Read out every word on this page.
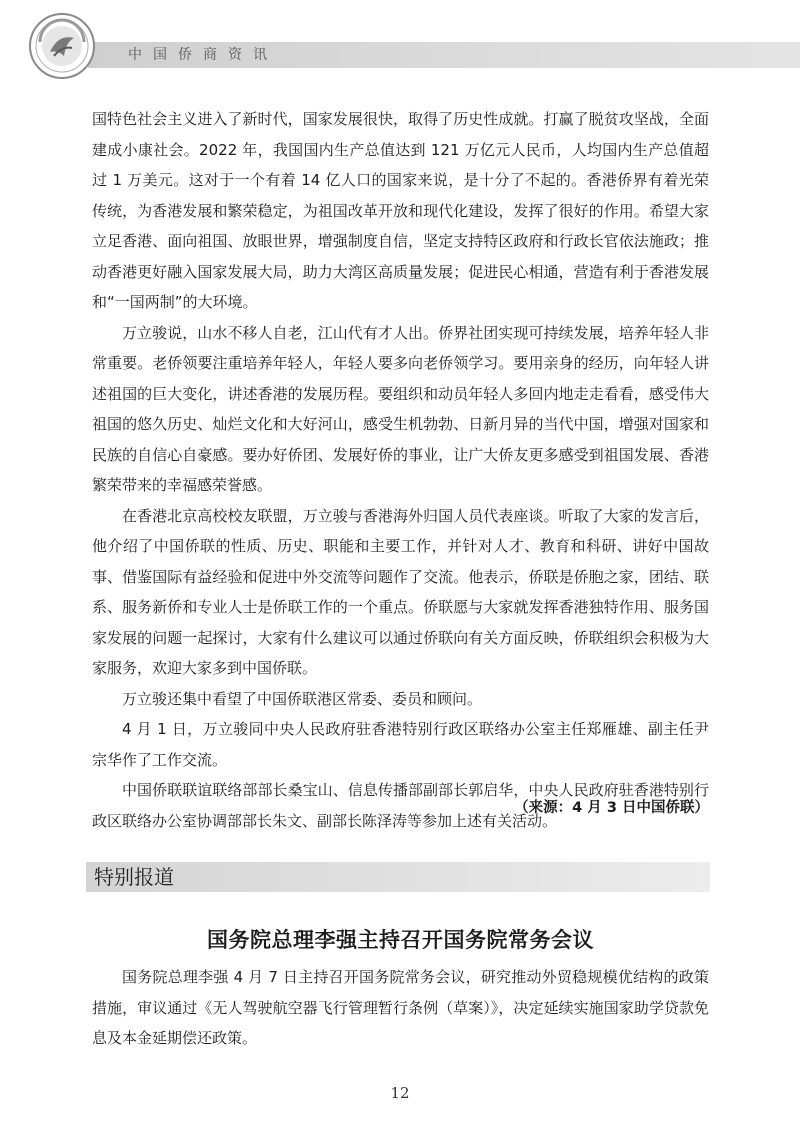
中国侨商资讯

国特色社会主义进入了新时代，国家发展很快，取得了历史性成就。打赢了脱贫攻坚战，全面建成小康社会。2022 年，我国国内生产总值达到 121 万亿元人民币，人均国内生产总值超过 1 万美元。这对于一个有着 14 亿人口的国家来说，是十分了不起的。香港侨界有着光荣传统，为香港发展和繁荣稳定，为祖国改革开放和现代化建设，发挥了很好的作用。希望大家立足香港、面向祖国、放眼世界，增强制度自信，坚定支持特区政府和行政长官依法施政；推动香港更好融入国家发展大局，助力大湾区高质量发展；促进民心相通，营造有利于香港发展和“一国两制”的大环境。

万立骏说，山水不移人自老，江山代有才人出。侨界社团实现可持续发展，培养年轻人非常重要。老侨领要注重培养年轻人，年轻人要多向老侨领学习。要用亲身的经历，向年轻人讲述祖国的巨大变化，讲述香港的发展历程。要组织和动员年轻人多回内地走走看看，感受伟大祖国的悠久历史、灿烂文化和大好河山，感受生机勃勃、日新月异的当代中国，增强对国家和民族的自信心自豪感。要办好侨团、发展好侨的事业，让广大侨友更多感受到祖国发展、香港繁荣带来的幸福感荣誉感。

在香港北京高校校友联盟，万立骏与香港海外归国人员代表座谈。听取了大家的发言后，他介绍了中国侨联的性质、历史、职能和主要工作，并针对人才、教育和科研、讲好中国故事、借鉴国际有益经验和促进中外交流等问题作了交流。他表示，侨联是侨胞之家，团结、联系、服务新侨和专业人士是侨联工作的一个重点。侨联愿与大家就发挥香港独特作用、服务国家发展的问题一起探讨，大家有什么建议可以通过侨联向有关方面反映，侨联组织会积极为大家服务，欢迎大家多到中国侨联。

万立骏还集中看望了中国侨联港区常委、委员和顾问。

4 月 1 日，万立骏同中央人民政府驻香港特别行政区联络办公室主任郑雁雄、副主任尹宗华作了工作交流。

中国侨联联谊联络部部长桑宝山、信息传播部副部长郭启华，中央人民政府驻香港特别行政区联络办公室协调部部长朱文、副部长陈泽涛等参加上述有关活动。

（来源：4 月 3 日中国侨联）
特别报道
国务院总理李强主持召开国务院常务会议

国务院总理李强 4 月 7 日主持召开国务院常务会议，研究推动外贸稳规模优结构的政策措施，审议通过《无人驾驶航空器飞行管理暂行条例（草案）》，决定延续实施国家助学贷款免息及本金延期偿还政策。

12
